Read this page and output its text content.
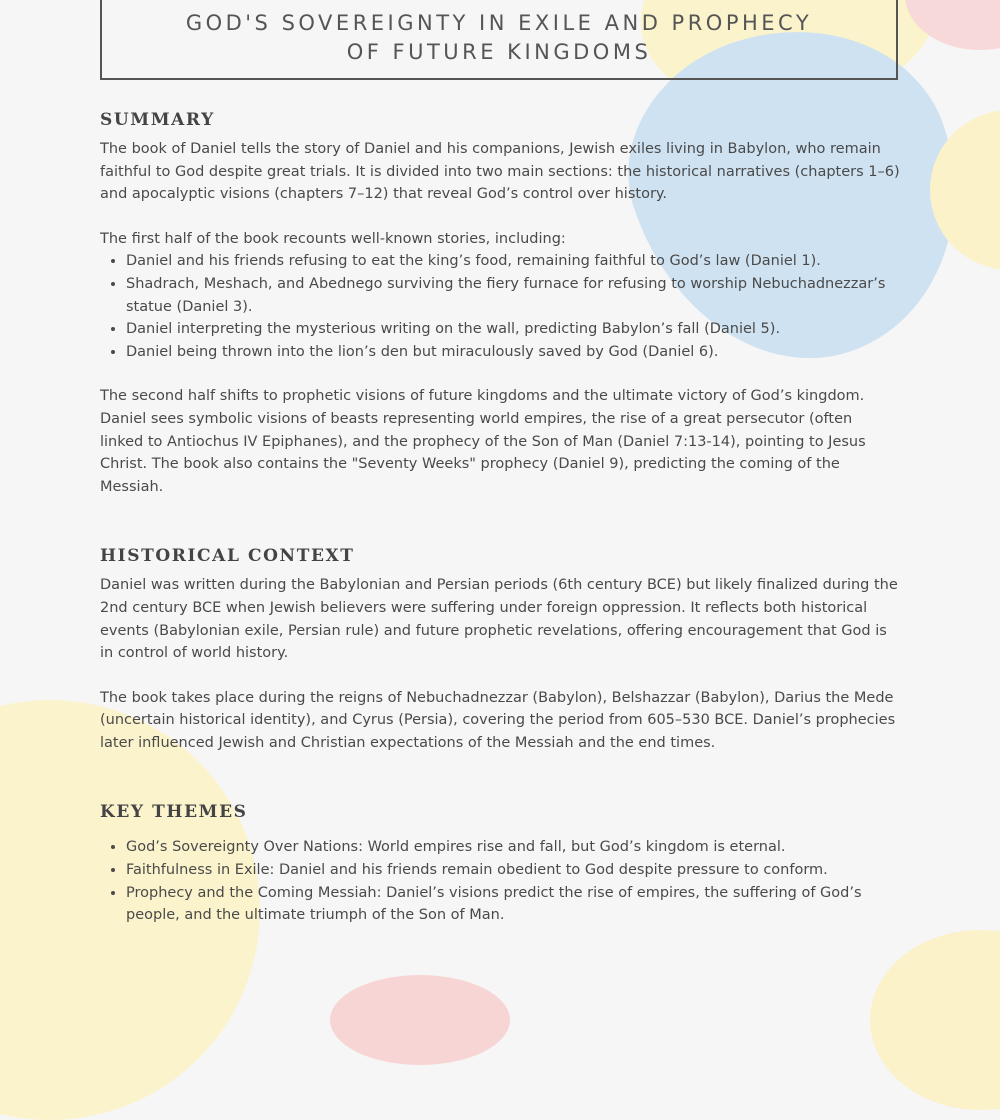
GOD'S SOVEREIGNTY IN EXILE AND PROPHECY
OF FUTURE KINGDOMS
SUMMARY

The book of Daniel tells the story of Daniel and his companions, Jewish exiles living in Babylon, who remain faithful to God despite great trials. It is divided into two main sections: the historical narratives (chapters 1–6) and apocalyptic visions (chapters 7–12) that reveal God’s control over history.

The first half of the book recounts well-known stories, including:

• Daniel and his friends refusing to eat the king’s food, remaining faithful to God’s law (Daniel 1).
• Shadrach, Meshach, and Abednego surviving the fiery furnace for refusing to worship Nebuchadnezzar’s statue (Daniel 3).
• Daniel interpreting the mysterious writing on the wall, predicting Babylon’s fall (Daniel 5).
• Daniel being thrown into the lion’s den but miraculously saved by God (Daniel 6).

The second half shifts to prophetic visions of future kingdoms and the ultimate victory of God’s kingdom. Daniel sees symbolic visions of beasts representing world empires, the rise of a great persecutor (often linked to Antiochus IV Epiphanes), and the prophecy of the Son of Man (Daniel 7:13-14), pointing to Jesus Christ. The book also contains the "Seventy Weeks" prophecy (Daniel 9), predicting the coming of the Messiah.

HISTORICAL CONTEXT

Daniel was written during the Babylonian and Persian periods (6th century BCE) but likely finalized during the 2nd century BCE when Jewish believers were suffering under foreign oppression. It reflects both historical events (Babylonian exile, Persian rule) and future prophetic revelations, offering encouragement that God is in control of world history.

The book takes place during the reigns of Nebuchadnezzar (Babylon), Belshazzar (Babylon), Darius the Mede (uncertain historical identity), and Cyrus (Persia), covering the period from 605–530 BCE. Daniel’s prophecies later influenced Jewish and Christian expectations of the Messiah and the end times.

KEY THEMES
• God’s Sovereignty Over Nations: World empires rise and fall, but God’s kingdom is eternal.
• Faithfulness in Exile: Daniel and his friends remain obedient to God despite pressure to conform.
• Prophecy and the Coming Messiah: Daniel’s visions predict the rise of empires, the suffering of God’s people, and the ultimate triumph of the Son of Man.
